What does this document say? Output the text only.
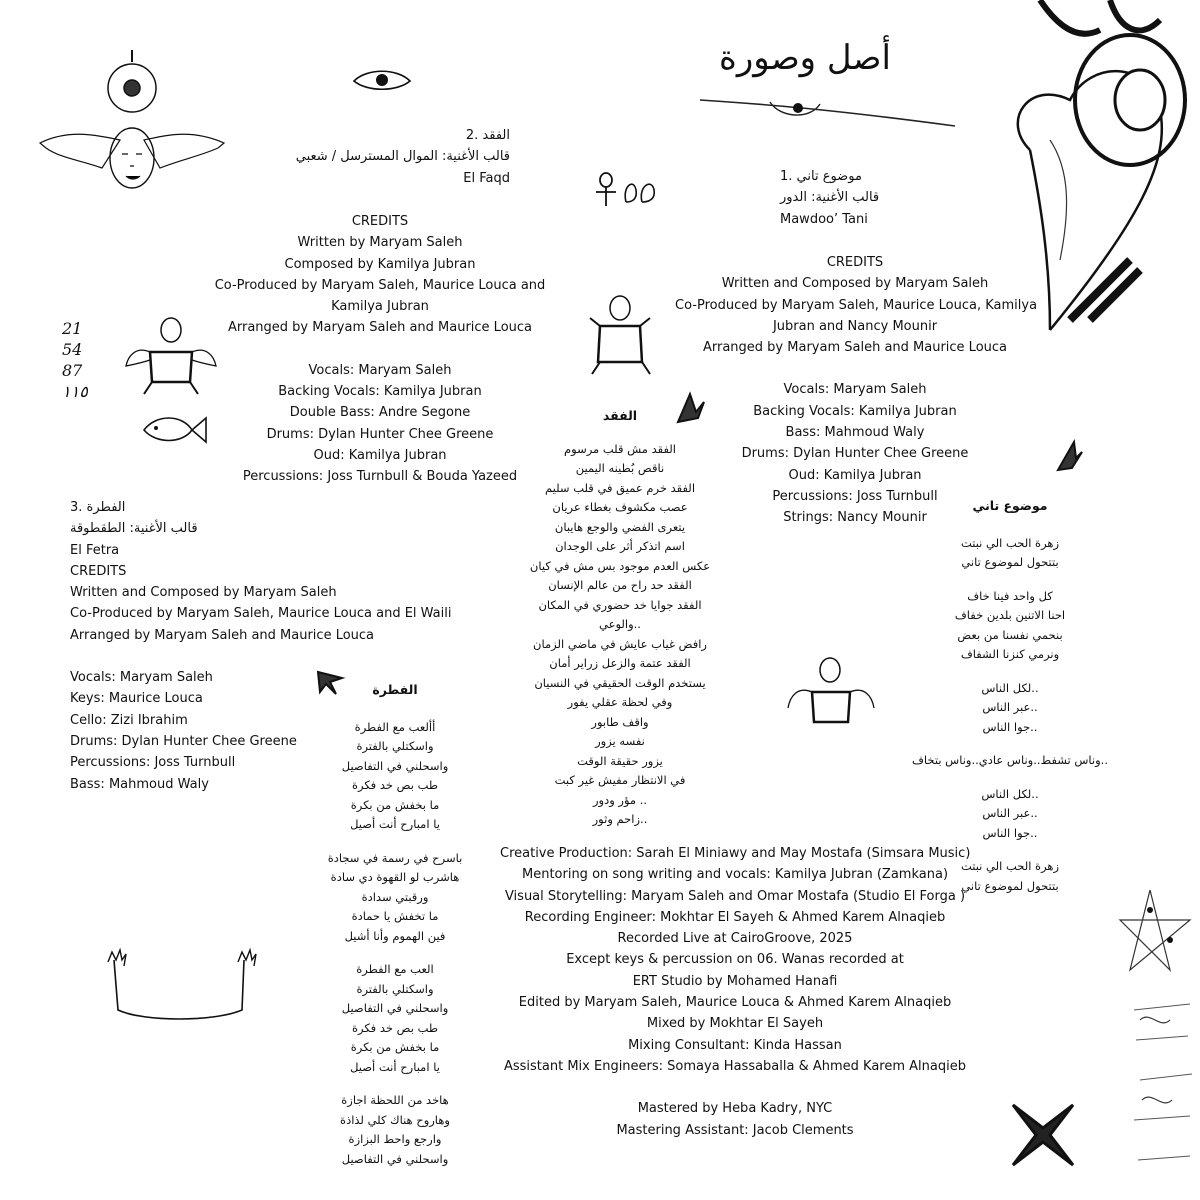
أصل وصورة
21
54
87
١١٥
الفقد .2
قالب الأغنية: الموال المسترسل / شعبي
El Faqd
CREDITS
Written by Maryam Saleh
Composed by Kamilya Jubran
Co-Produced by Maryam Saleh, Maurice Louca and
Kamilya Jubran
Arranged by Maryam Saleh and Maurice Louca
Vocals: Maryam Saleh
Backing Vocals: Kamilya Jubran
Double Bass: Andre Segone
Drums: Dylan Hunter Chee Greene
Oud: Kamilya Jubran
Percussions: Joss Turnbull & Bouda Yazeed
موضوع تاني .1
قالب الأغنية: الدور
Mawdoo’ Tani
CREDITS
Written and Composed by Maryam Saleh
Co-Produced by Maryam Saleh, Maurice Louca, Kamilya
Jubran and Nancy Mounir
Arranged by Maryam Saleh and Maurice Louca
Vocals: Maryam Saleh
Backing Vocals: Kamilya Jubran
Bass: Mahmoud Waly
Drums: Dylan Hunter Chee Greene
Oud: Kamilya Jubran
Percussions: Joss Turnbull
Strings: Nancy Mounir
الفطرة .3
قالب الأغنية: الطقطوقة
El Fetra
CREDITS
Written and Composed by Maryam Saleh
Co-Produced by Maryam Saleh, Maurice Louca and El Waili
Arranged by Maryam Saleh and Maurice Louca
Vocals: Maryam Saleh
Keys: Maurice Louca
Cello: Zizi Ibrahim
Drums: Dylan Hunter Chee Greene
Percussions: Joss Turnbull
Bass: Mahmoud Waly
الفقد
الفقد مش قلب مرسوم
ناقص بُطينه اليمين
الفقد خرم عميق في قلب سليم
عصب مكشوف بغطاء عريان
يتعرى الفضي والوجع هايبان
اسم اتذكر أثر على الوجدان
عكس العدم موجود بس مش في كيان
الفقد حد راح من عالم الإنسان
الفقد جوايا خد حضوري في المكان
..والوعي
رافض غياب عايش في ماضي الزمان
الفقد عتمة والزعل زراير أمان
يستخدم الوقت الحقيقي في النسيان
وفي لحظة عقلي يفور
واقف طابور
نفسه يزور
يزور حقيقة الوقت
في الانتظار مفيش غير كبت
.. مؤر ودور
..زاحم وثور
موضوع تاني
زهرة الحب الي نبتت
بتتحول لموضوع تاني
كل واحد فينا خاف
احنا الاتنين بلدين خفاف
بنحمي نفسنا من بعض
ونرمي كنزنا الشفاف
..لكل الناس
..عبر الناس
..جوا الناس
..وناس تشفط..وناس عادي..وناس بتخاف
..لكل الناس
..عبر الناس
..جوا الناس
زهرة الحب الي نبتت
بتتحول لموضوع تاني
الفطرة
أألعب مع الفطرة
واسكتلي بالفترة
واسحلني في التفاصيل
طب بص خد فكرة
ما بخفش من بكرة
يا امبارح أنت أصيل
باسرح في رسمة في سجادة
هاشرب لو القهوة دي سادة
ورقبتي سدادة
ما تخفش يا حمادة
فين الهموم وأنا أشيل
العب مع الفطرة
واسكتلي بالفترة
واسحلني في التفاصيل
طب بص خد فكرة
ما بخفش من بكرة
يا امبارح أنت أصيل
هاخد من اللحظة اجازة
وهاروح هناك كلي لذاذة
وارجع واحط البزازة
واسحلني في التفاصيل
Creative Production: Sarah El Miniawy and May Mostafa (Simsara Music)
Mentoring on song writing and vocals: Kamilya Jubran (Zamkana)
Visual Storytelling: Maryam Saleh and Omar Mostafa (Studio El Forga )
Recording Engineer: Mokhtar El Sayeh & Ahmed Karem Alnaqieb
Recorded Live at CairoGroove, 2025
Except keys & percussion on 06. Wanas recorded at
ERT Studio by Mohamed Hanafi
Edited by Maryam Saleh, Maurice Louca & Ahmed Karem Alnaqieb
Mixed by Mokhtar El Sayeh
Mixing Consultant: Kinda Hassan
Assistant Mix Engineers: Somaya Hassaballa & Ahmed Karem Alnaqieb
Mastered by Heba Kadry, NYC
Mastering Assistant: Jacob Clements
